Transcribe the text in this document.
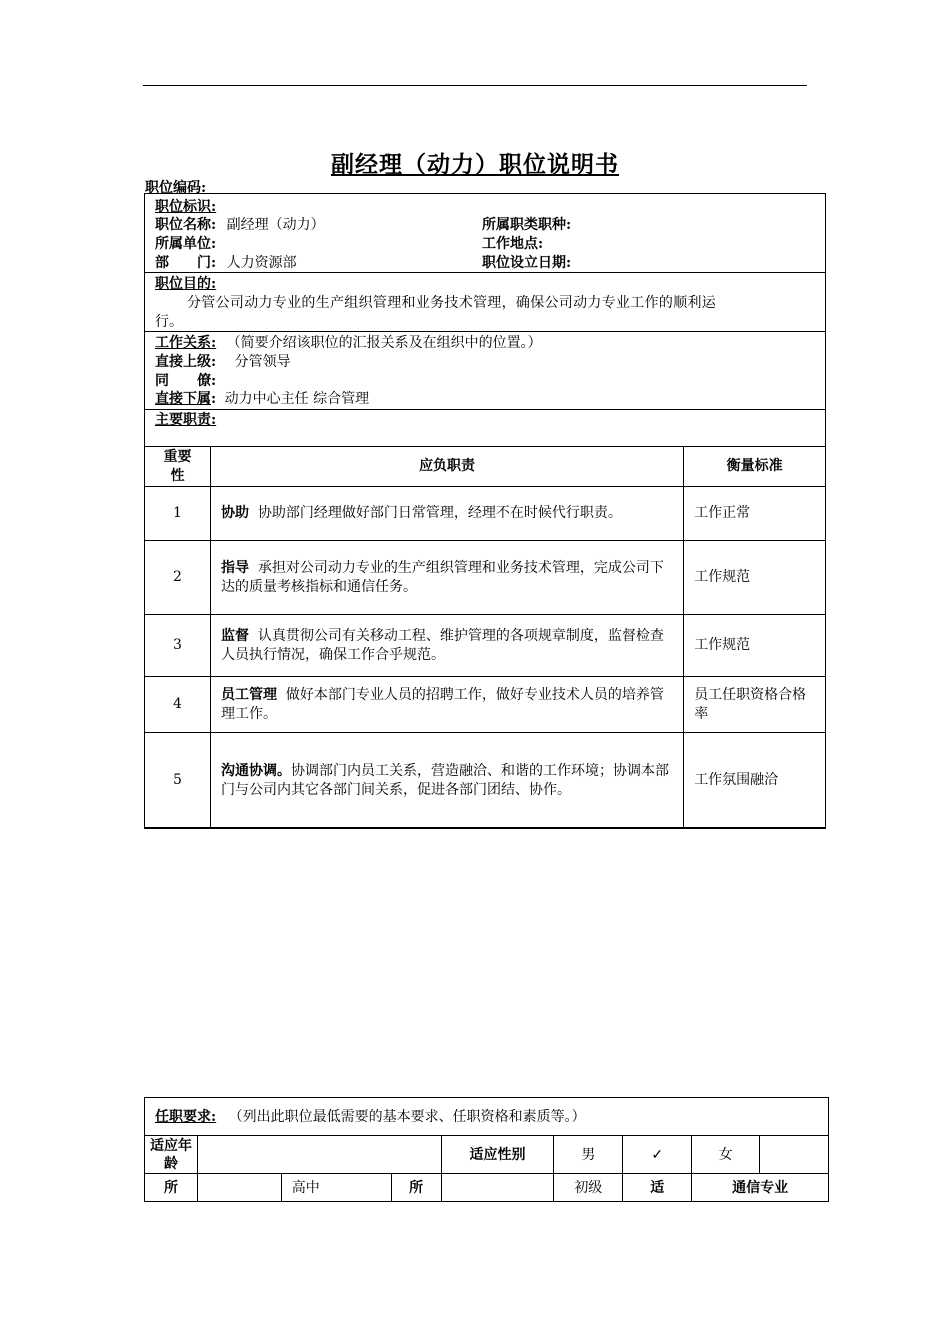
副经理（动力）职位说明书
职位编码:
职位标识:
职位名称: 副经理（动力）	所属职类职种:
所属单位:	工作地点:
部　　门: 人力资源部	职位设立日期:
职位目的:
分管公司动力专业的生产组织管理和业务技术管理，确保公司动力专业工作的顺利运
行。
工作关系: （简要介绍该职位的汇报关系及在组织中的位置。）
直接上级: 分管领导
同　　僚:
直接下属: 动力中心主任 综合管理
主要职责:
重要性	应负职责	衡量标准
1	协助 协助部门经理做好部门日常管理，经理不在时候代行职责。	工作正常
2	指导 承担对公司动力专业的生产组织管理和业务技术管理，完成公司下达的质量考核指标和通信任务。	工作规范
3	监督 认真贯彻公司有关移动工程、维护管理的各项规章制度，监督检查人员执行情况，确保工作合乎规范。	工作规范
4	员工管理 做好本部门专业人员的招聘工作，做好专业技术人员的培养管理工作。	员工任职资格合格率
5	沟通协调。协调部门内员工关系，营造融洽、和谐的工作环境；协调本部门与公司内其它各部门间关系，促进各部门团结、协作。	工作氛围融洽
任职要求: （列出此职位最低需要的基本要求、任职资格和素质等。）								
适应年龄				适应性别	男	✓	女	
所		高中	所		初级	适	通信专业	
